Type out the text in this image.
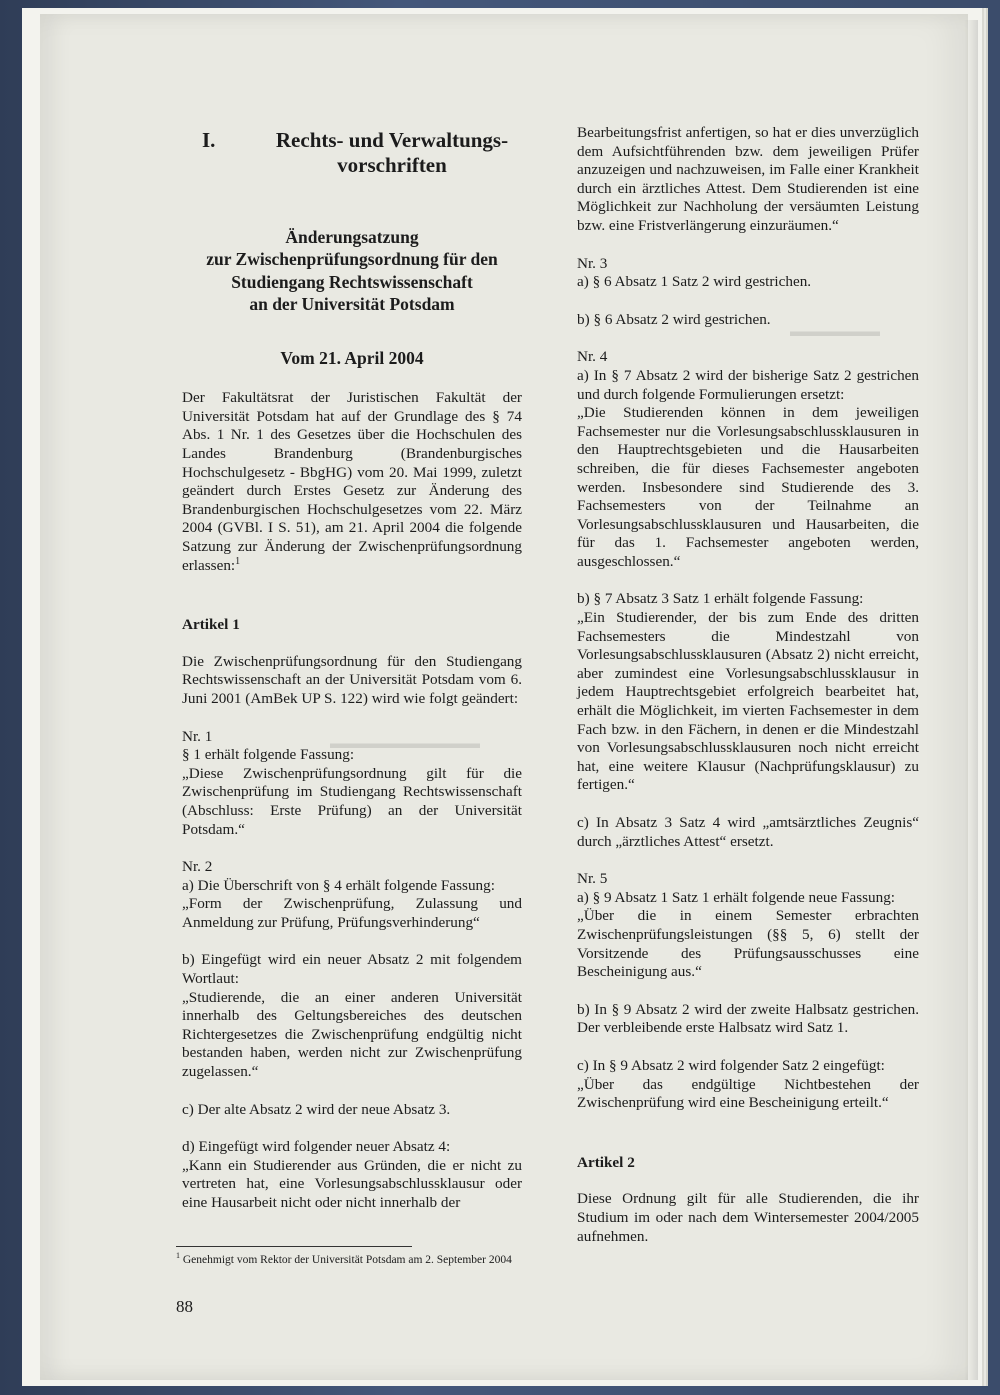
I.	Rechts- und Verwaltungs-
vorschriften
Änderungsatzung
zur Zwischenprüfungsordnung für den
Studiengang Rechtswissenschaft
an der Universität Potsdam
Vom 21. April 2004

Der Fakultätsrat der Juristischen Fakultät der Universität Potsdam hat auf der Grundlage des § 74 Abs. 1 Nr. 1 des Gesetzes über die Hochschulen des Landes Brandenburg (Brandenburgisches Hochschulgesetz - BbgHG) vom 20. Mai 1999, zuletzt geändert durch Erstes Gesetz zur Änderung des Brandenburgischen Hochschulgesetzes vom 22. März 2004 (GVBl. I S. 51), am 21. April 2004 die folgende Satzung zur Änderung der Zwischenprüfungsordnung erlassen:$^1$

Artikel 1

Die Zwischenprüfungsordnung für den Studiengang Rechtswissenschaft an der Universität Potsdam vom 6. Juni 2001 (AmBek UP S. 122) wird wie folgt geändert:

Nr. 1

§ 1 erhält folgende Fassung:

„Diese Zwischenprüfungsordnung gilt für die Zwischenprüfung im Studiengang Rechtswissenschaft (Abschluss: Erste Prüfung) an der Universität Potsdam.“

Nr. 2

a) Die Überschrift von § 4 erhält folgende Fassung:

„Form der Zwischenprüfung, Zulassung und Anmeldung zur Prüfung, Prüfungsverhinderung“

b) Eingefügt wird ein neuer Absatz 2 mit folgendem Wortlaut:

„Studierende, die an einer anderen Universität innerhalb des Geltungsbereiches des deutschen Richtergesetzes die Zwischenprüfung endgültig nicht bestanden haben, werden nicht zur Zwischenprüfung zugelassen.“

c) Der alte Absatz 2 wird der neue Absatz 3.

d) Eingefügt wird folgender neuer Absatz 4:

„Kann ein Studierender aus Gründen, die er nicht zu vertreten hat, eine Vorlesungsabschlussklausur oder eine Hausarbeit nicht oder nicht innerhalb der

Bearbeitungsfrist anfertigen, so hat er dies unverzüglich dem Aufsichtführenden bzw. dem jeweiligen Prüfer anzuzeigen und nachzuweisen, im Falle einer Krankheit durch ein ärztliches Attest. Dem Studierenden ist eine Möglichkeit zur Nachholung der versäumten Leistung bzw. eine Fristverlängerung einzuräumen.“

Nr. 3

a) § 6 Absatz 1 Satz 2 wird gestrichen.

b) § 6 Absatz 2 wird gestrichen.

Nr. 4

a) In § 7 Absatz 2 wird der bisherige Satz 2 gestrichen und durch folgende Formulierungen ersetzt:

„Die Studierenden können in dem jeweiligen Fachsemester nur die Vorlesungsabschlussklausuren in den Hauptrechtsgebieten und die Hausarbeiten schreiben, die für dieses Fachsemester angeboten werden. Insbesondere sind Studierende des 3. Fachsemesters von der Teilnahme an Vorlesungsabschlussklausuren und Hausarbeiten, die für das 1. Fachsemester angeboten werden, ausgeschlossen.“

b) § 7 Absatz 3 Satz 1 erhält folgende Fassung:

„Ein Studierender, der bis zum Ende des dritten Fachsemesters die Mindestzahl von Vorlesungsabschlussklausuren (Absatz 2) nicht erreicht, aber zumindest eine Vorlesungsabschlussklausur in jedem Hauptrechtsgebiet erfolgreich bearbeitet hat, erhält die Möglichkeit, im vierten Fachsemester in dem Fach bzw. in den Fächern, in denen er die Mindestzahl von Vorlesungsabschlussklausuren noch nicht erreicht hat, eine weitere Klausur (Nachprüfungsklausur) zu fertigen.“

c) In Absatz 3 Satz 4 wird „amtsärztliches Zeugnis“ durch „ärztliches Attest“ ersetzt.

Nr. 5

a) § 9 Absatz 1 Satz 1 erhält folgende neue Fassung:

„Über die in einem Semester erbrachten Zwischenprüfungsleistungen (§§ 5, 6) stellt der Vorsitzende des Prüfungsausschusses eine Bescheinigung aus.“

b) In § 9 Absatz 2 wird der zweite Halbsatz gestrichen. Der verbleibende erste Halbsatz wird Satz 1.

c) In § 9 Absatz 2 wird folgender Satz 2 eingefügt:

„Über das endgültige Nichtbestehen der Zwischenprüfung wird eine Bescheinigung erteilt.“

Artikel 2

Diese Ordnung gilt für alle Studierenden, die ihr Studium im oder nach dem Wintersemester 2004/2005 aufnehmen.

$^1$ Genehmigt vom Rektor der Universität Potsdam am 2. September 2004
88
